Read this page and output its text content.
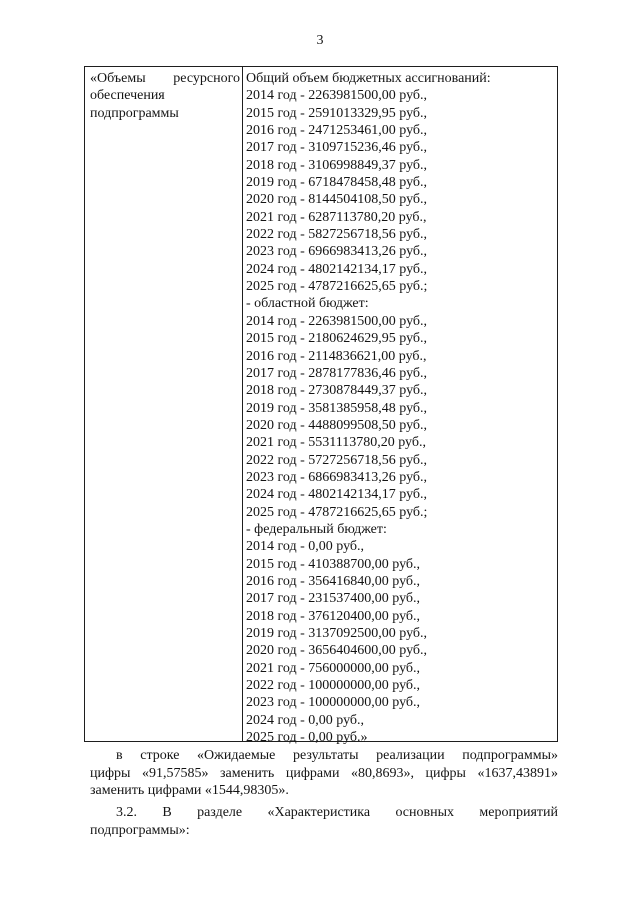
3
«Объемы ресурсного
обеспечения
подпрограммы
Общий объем бюджетных ассигнований:
2014 год - 2263981500,00 руб.,
2015 год - 2591013329,95 руб.,
2016 год - 2471253461,00 руб.,
2017 год - 3109715236,46 руб.,
2018 год - 3106998849,37 руб.,
2019 год - 6718478458,48 руб.,
2020 год - 8144504108,50 руб.,
2021 год - 6287113780,20 руб.,
2022 год - 5827256718,56 руб.,
2023 год - 6966983413,26 руб.,
2024 год - 4802142134,17 руб.,
2025 год - 4787216625,65 руб.;
- областной бюджет:
2014 год - 2263981500,00 руб.,
2015 год - 2180624629,95 руб.,
2016 год - 2114836621,00 руб.,
2017 год - 2878177836,46 руб.,
2018 год - 2730878449,37 руб.,
2019 год - 3581385958,48 руб.,
2020 год - 4488099508,50 руб.,
2021 год - 5531113780,20 руб.,
2022 год - 5727256718,56 руб.,
2023 год - 6866983413,26 руб.,
2024 год - 4802142134,17 руб.,
2025 год - 4787216625,65 руб.;
- федеральный бюджет:
2014 год - 0,00 руб.,
2015 год - 410388700,00 руб.,
2016 год - 356416840,00 руб.,
2017 год - 231537400,00 руб.,
2018 год - 376120400,00 руб.,
2019 год - 3137092500,00 руб.,
2020 год - 3656404600,00 руб.,
2021 год - 756000000,00 руб.,
2022 год - 100000000,00 руб.,
2023 год - 100000000,00 руб.,
2024 год - 0,00 руб.,
2025 год - 0,00 руб.»
в строке «Ожидаемые результаты реализации подпрограммы»
цифры «91,57585» заменить цифрами «80,8693», цифры «1637,43891»
заменить цифрами «1544,98305».
3.2. В разделе «Характеристика основных мероприятий
подпрограммы»:
